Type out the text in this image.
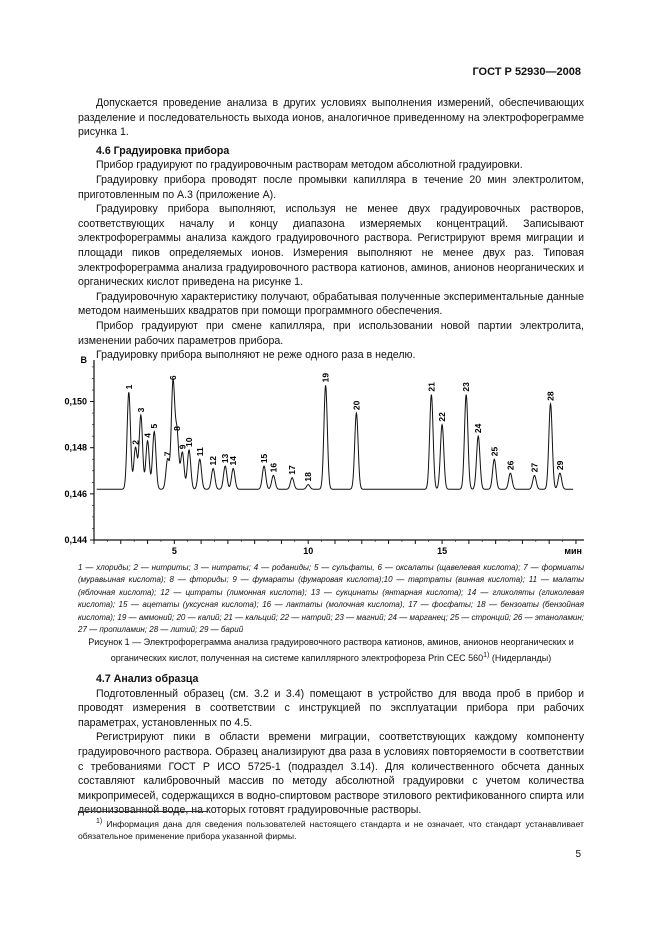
ГОСТ Р 52930—2008

Допускается проведение анализа в других условиях выполнения измерений, обеспечивающих разделение и последовательность выхода ионов, аналогичное приведенному на электрофореграмме рисунка 1.

4.6 Градуировка прибора

Прибор градуируют по градуировочным растворам методом абсолютной градуировки.

Градуировку прибора проводят после промывки капилляра в течение 20 мин электролитом, приготовленным по А.3 (приложение А).

Градуировку прибора выполняют, используя не менее двух градуировочных растворов, соответствующих началу и концу диапазона измеряемых концентраций. Записывают электрофореграммы анализа каждого градуировочного раствора. Регистрируют время миграции и площади пиков определяемых ионов. Измерения выполняют не менее двух раз. Типовая электрофореграмма анализа градуировочного раствора катионов, аминов, анионов неорганических и органических кислот приведена на рисунке 1.

Градуировочную характеристику получают, обрабатывая полученные экспериментальные данные методом наименьших квадратов при помощи программного обеспечения.

Прибор градуируют при смене капилляра, при использовании новой партии электролита, изменении рабочих параметров прибора.

Градуировку прибора выполняют не реже одного раза в неделю.

0,150
0,148
0,146
0,144
В
5	10	15	мин
1
2
3
4
5
6
7
8
9
10
11
12 13
14 15
16 17
18
19
20
21
22
23
24
25
26 27
28
29
1 — хлориды; 2 — нитриты; 3 — нитраты; 4 — роданиды; 5 — сульфаты, 6 — оксалаты (щавелевая кислота); 7 — формиаты (муравьиная кислота); 8 — фториды; 9 — фумараты (фумаровая кислота);10 — тартраты (винная кислота); 11 — малаты (яблочная кислота); 12 — цитраты (лимонная кислота); 13 — сукцинаты (янтарная кислота); 14 — гликоляты (гликолевая кислота); 15 — ацетаты (уксусная кислота); 16 — лактаты (молочная кислота), 17 — фосфаты; 18 — бензоаты (бензойная кислота); 19 — аммоний; 20 — калий; 21 — кальций; 22 — натрий; 23 — магний; 24 — марганец; 25 — стронций; 26 — этаноламин; 27 — пропиламин; 28 — литий; 29 — барий
Рисунок 1 — Электрофореграмма анализа градуировочного раствора катионов, аминов, анионов неорганических и органических кислот, полученная на системе капиллярного электрофореза Prin CEC 560$^{1)}$ (Нидерланды)

4.7 Анализ образца

Подготовленный образец (см. 3.2 и 3.4) помещают в устройство для ввода проб в прибор и проводят измерения в соответствии с инструкцией по эксплуатации прибора при рабочих параметрах, установленных по 4.5.

Регистрируют пики в области времени миграции, соответствующих каждому компоненту градуировочного раствора. Образец анализируют два раза в условиях повторяемости в соответствии с требованиями ГОСТ Р ИСО 5725-1 (подраздел 3.14). Для количественного обсчета данных составляют калибровочный массив по методу абсолютной градуировки с учетом количества микропримесей, содержащихся в водно-спиртовом растворе этилового ректификованного спирта или деионизованной воде, на которых готовят градуировочные растворы.

$^{1)}$ Информация дана для сведения пользователей настоящего стандарта и не означает, что стандарт устанавливает обязательное применение прибора указанной фирмы.
5
